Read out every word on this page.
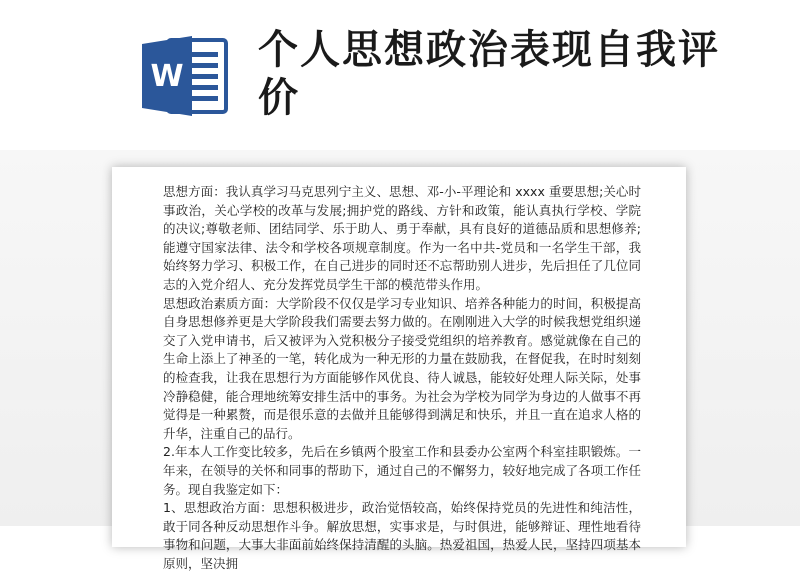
W
个人思想政治表现自我评价

思想方面：我认真学习马克思列宁主义、思想、邓-小-平理论和 xxxx 重要思想;关心时事政治，关心学校的改革与发展;拥护党的路线、方针和政策，能认真执行学校、学院的决议;尊敬老师、团结同学、乐于助人、勇于奉献，具有良好的道德品质和思想修养;能遵守国家法律、法令和学校各项规章制度。作为一名中共-党员和一名学生干部，我始终努力学习、积极工作，在自己进步的同时还不忘帮助别人进步，先后担任了几位同志的入党介绍人、充分发挥党员学生干部的模范带头作用。

思想政治素质方面：大学阶段不仅仅是学习专业知识、培养各种能力的时间，积极提高自身思想修养更是大学阶段我们需要去努力做的。在刚刚进入大学的时候我想党组织递交了入党申请书，后又被评为入党积极分子接受党组织的培养教育。感觉就像在自己的生命上添上了神圣的一笔，转化成为一种无形的力量在鼓励我，在督促我，在时时刻刻的检查我，让我在思想行为方面能够作风优良、待人诚恳，能较好处理人际关际，处事冷静稳健，能合理地统筹安排生活中的事务。为社会为学校为同学为身边的人做事不再觉得是一种累赘，而是很乐意的去做并且能够得到满足和快乐，并且一直在追求人格的升华，注重自己的品行。

2.年本人工作变比较多，先后在乡镇两个股室工作和县委办公室两个科室挂职锻炼。一年来，在领导的关怀和同事的帮助下，通过自己的不懈努力，较好地完成了各项工作任务。现自我鉴定如下：

1、思想政治方面：思想积极进步，政治觉悟较高，始终保持党员的先进性和纯洁性，敢于同各种反动思想作斗争。解放思想，实事求是，与时俱进，能够辩证、理性地看待事物和问题，大事大非面前始终保持清醒的头脑。热爱祖国，热爱人民，坚持四项基本原则，坚决拥
